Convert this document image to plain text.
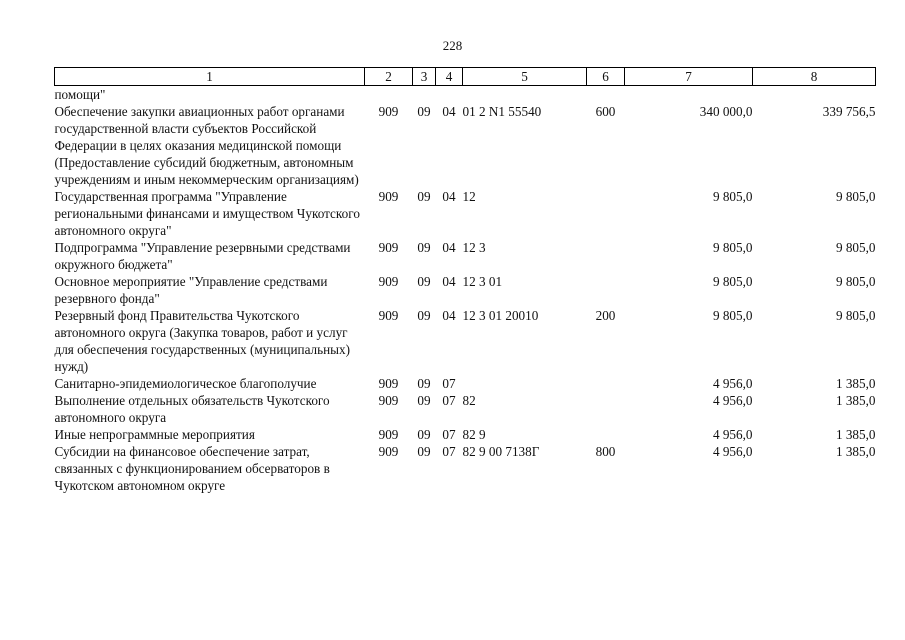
228
1	2	3	4	5	6	7	8
помощи"							
Обеспечение закупки авиационных работ органами государственной власти субъектов Российской Федерации в целях оказания медицинской помощи (Предоставление субсидий бюджетным, автономным учреждениям и иным некоммерческим организациям)	909	09	04	01 2 N1 55540	600	340 000,0	339 756,5
Государственная программа "Управление региональными финансами и имуществом Чукотского автономного округа"	909	09	04	12		9 805,0	9 805,0
Подпрограмма "Управление резервными средствами окружного бюджета"	909	09	04	12 3		9 805,0	9 805,0
Основное мероприятие "Управление средствами резервного фонда"	909	09	04	12 3 01		9 805,0	9 805,0
Резервный фонд Правительства Чукотского автономного округа (Закупка товаров, работ и услуг для обеспечения государственных (муниципальных) нужд)	909	09	04	12 3 01 20010	200	9 805,0	9 805,0
Санитарно-эпидемиологическое благополучие	909	09	07			4 956,0	1 385,0
Выполнение отдельных обязательств Чукотского автономного округа	909	09	07	82		4 956,0	1 385,0
Иные непрограммные мероприятия	909	09	07	82 9		4 956,0	1 385,0
Субсидии на финансовое обеспечение затрат, связанных с функционированием обсерваторов в Чукотском автономном округе	909	09	07	82 9 00 7138Г	800	4 956,0	1 385,0
